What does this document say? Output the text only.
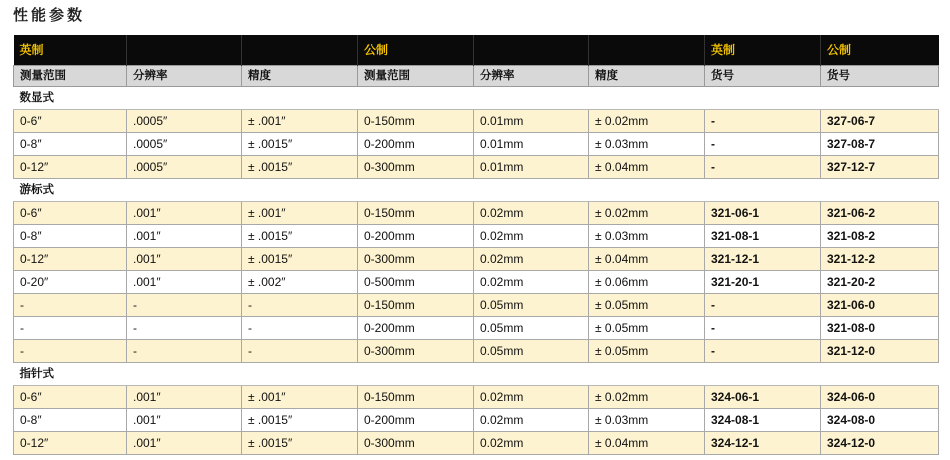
性能参数
英制			公制			英制	公制
测量范围	分辨率	精度	测量范围	分辨率	精度	货号	货号
数显式							
0-6″	.0005″	± .001″	0-150mm	0.01mm	± 0.02mm	-	327-06-7
0-8″	.0005″	± .0015″	0-200mm	0.01mm	± 0.03mm	-	327-08-7
0-12″	.0005″	± .0015″	0-300mm	0.01mm	± 0.04mm	-	327-12-7
游标式							
0-6″	.001″	± .001″	0-150mm	0.02mm	± 0.02mm	321-06-1	321-06-2
0-8″	.001″	± .0015″	0-200mm	0.02mm	± 0.03mm	321-08-1	321-08-2
0-12″	.001″	± .0015″	0-300mm	0.02mm	± 0.04mm	321-12-1	321-12-2
0-20″	.001″	± .002″	0-500mm	0.02mm	± 0.06mm	321-20-1	321-20-2
-	-	-	0-150mm	0.05mm	± 0.05mm	-	321-06-0
-	-	-	0-200mm	0.05mm	± 0.05mm	-	321-08-0
-	-	-	0-300mm	0.05mm	± 0.05mm	-	321-12-0
指针式							
0-6″	.001″	± .001″	0-150mm	0.02mm	± 0.02mm	324-06-1	324-06-0
0-8″	.001″	± .0015″	0-200mm	0.02mm	± 0.03mm	324-08-1	324-08-0
0-12″	.001″	± .0015″	0-300mm	0.02mm	± 0.04mm	324-12-1	324-12-0
